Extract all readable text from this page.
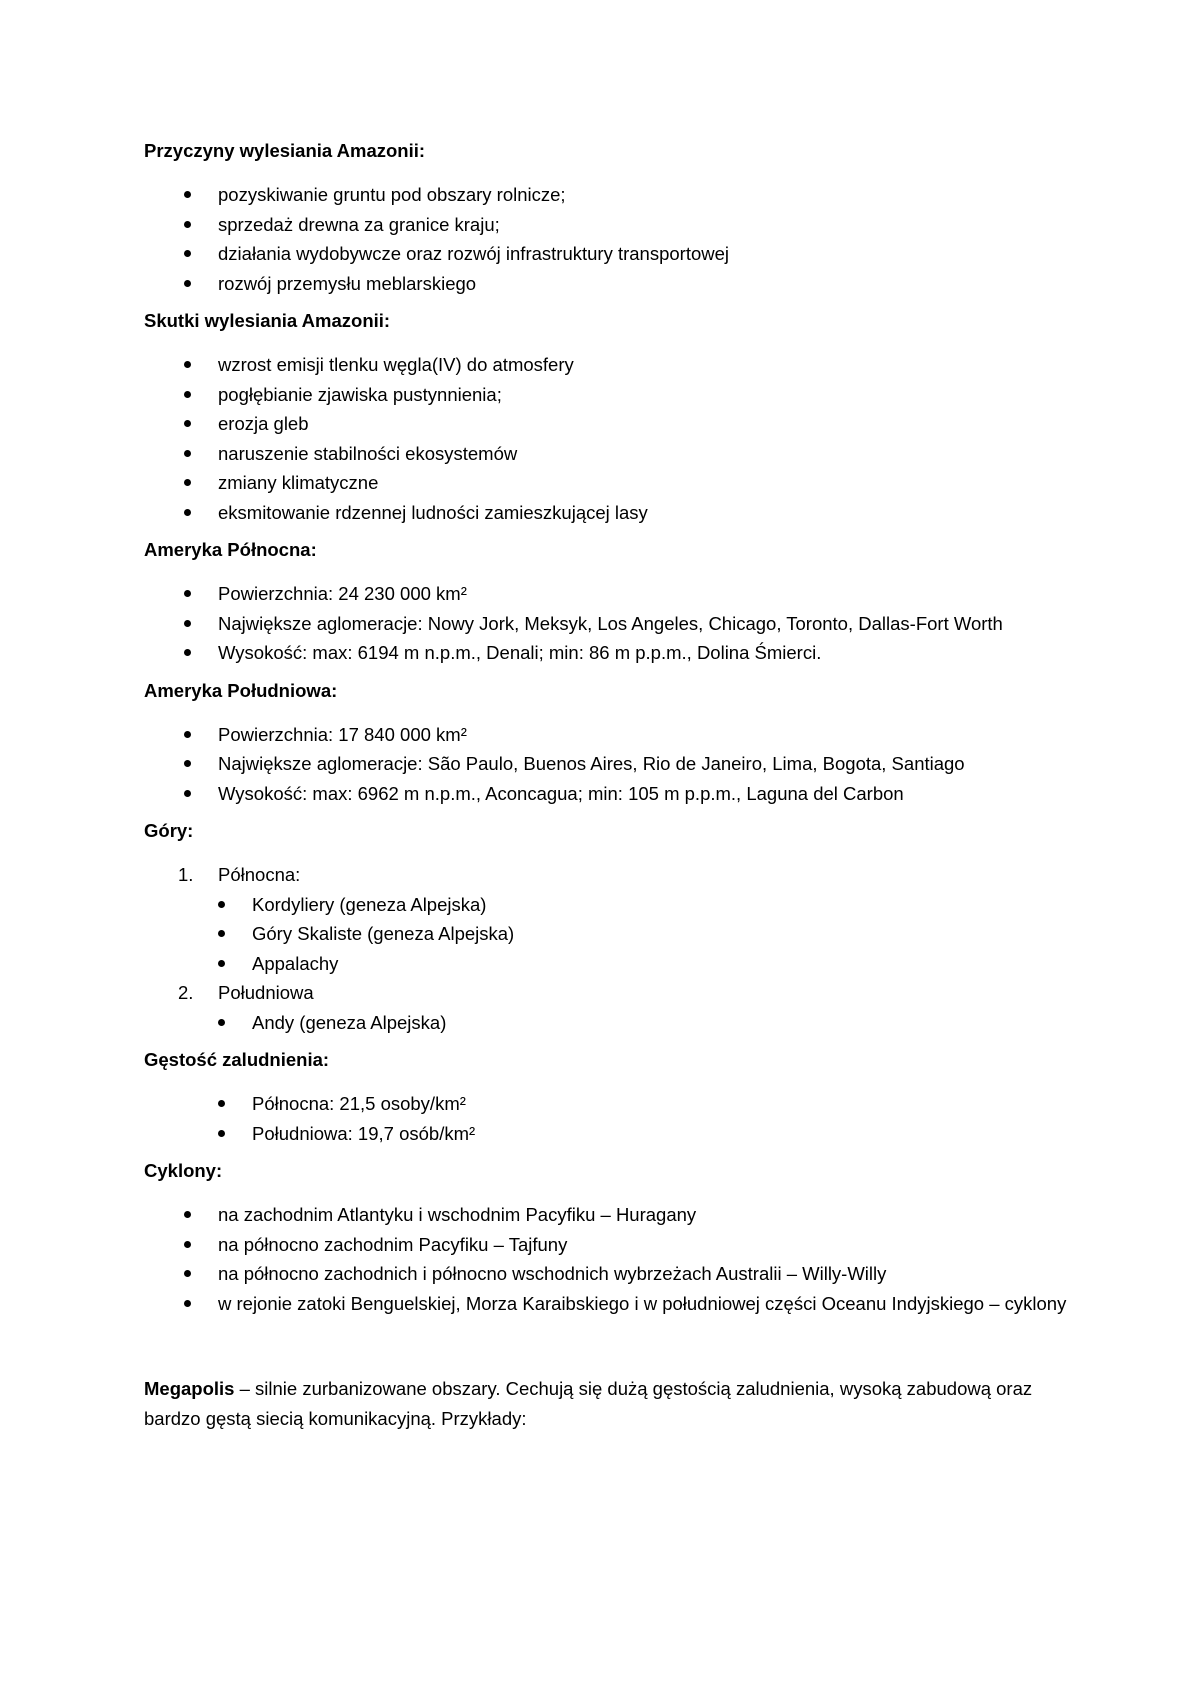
Przyczyny wylesiania Amazonii:

pozyskiwanie gruntu pod obszary rolnicze;
sprzedaż drewna za granice kraju;
działania wydobywcze oraz rozwój infrastruktury transportowej
rozwój przemysłu meblarskiego

Skutki wylesiania Amazonii:

wzrost emisji tlenku węgla(IV) do atmosfery
pogłębianie zjawiska pustynnienia;
erozja gleb
naruszenie stabilności ekosystemów
zmiany klimatyczne
eksmitowanie rdzennej ludności zamieszkującej lasy

Ameryka Północna:

Powierzchnia: 24 230 000 km²
Największe aglomeracje: Nowy Jork, Meksyk, Los Angeles, Chicago, Toronto, Dallas-Fort Worth
Wysokość: max: 6194 m n.p.m., Denali; min: 86 m p.p.m., Dolina Śmierci.

Ameryka Południowa:

Powierzchnia: 17 840 000 km²
Największe aglomeracje: São Paulo, Buenos Aires, Rio de Janeiro, Lima, Bogota, Santiago
Wysokość: max: 6962 m n.p.m., Aconcagua; min: 105 m p.p.m., Laguna del Carbon

Góry:

1. Północna:
Kordyliery (geneza Alpejska)
Góry Skaliste (geneza Alpejska)
Appalachy
2. Południowa
Andy (geneza Alpejska)

Gęstość zaludnienia:

Północna: 21,5 osoby/km²
Południowa: 19,7 osób/km²

Cyklony:

na zachodnim Atlantyku i wschodnim Pacyfiku – Huragany
na północno zachodnim Pacyfiku – Tajfuny
na północno zachodnich i północno wschodnich wybrzeżach Australii – Willy-Willy
w rejonie zatoki Benguelskiej, Morza Karaibskiego i w południowej części Oceanu Indyjskiego – cyklony

Megapolis – silnie zurbanizowane obszary. Cechują się dużą gęstością zaludnienia, wysoką zabudową oraz bardzo gęstą siecią komunikacyjną. Przykłady:
